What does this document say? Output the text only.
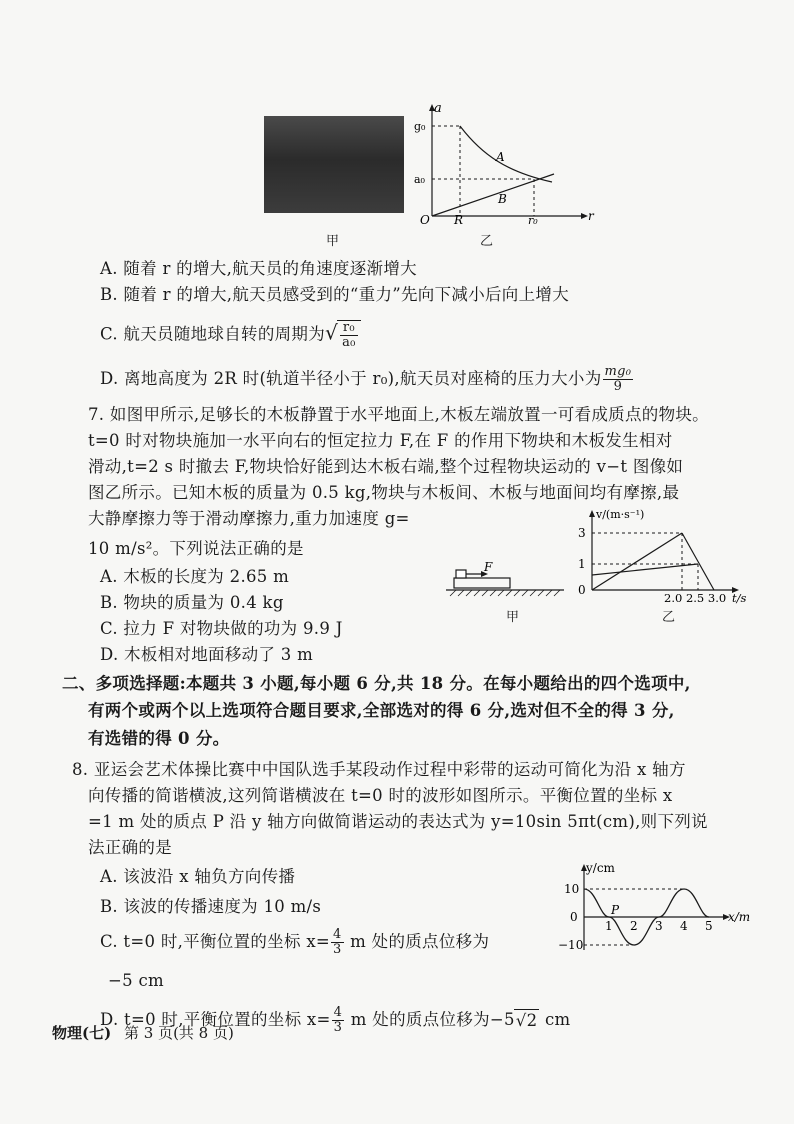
甲
a
g₀
a₀
O R	r₀	r
A
B
乙
A. 随着 r 的增大,航天员的角速度逐渐增大
B. 随着 r 的增大,航天员感受到的“重力”先向下减小后向上增大
C. 航天员随地球自转的周期为√ $\frac{\text{r₀}}{\text{a₀}}$
D. 离地高度为 2R 时(轨道半径小于 r₀),航天员对座椅的压力大小为 $\frac{\text{mg₀}}{9}$
7. 如图甲所示,足够长的木板静置于水平地面上,木板左端放置一可看成质点的物块。
t=0 时对物块施加一水平向右的恒定拉力 F,在 F 的作用下物块和木板发生相对
滑动,t=2 s 时撤去 F,物块恰好能到达木板右端,整个过程物块运动的 v−t 图像如
图乙所示。已知木板的质量为 0.5 kg,物块与木板间、木板与地面间均有摩擦,最
大静摩擦力等于滑动摩擦力,重力加速度 g=
10 m/s²。下列说法正确的是
A. 木板的长度为 2.65 m
B. 物块的质量为 0.4 kg
C. 拉力 F 对物块做的功为 9.9 J
D. 木板相对地面移动了 3 m
F
甲
v/(m·s⁻¹)
3
1
0
2.0 2.5 3.0 t/s
乙
二、多项选择题:本题共 3 小题,每小题 6 分,共 18 分。在每小题给出的四个选项中,
有两个或两个以上选项符合题目要求,全部选对的得 6 分,选对但不全的得 3 分,
有选错的得 0 分。
8. 亚运会艺术体操比赛中中国队选手某段动作过程中彩带的运动可简化为沿 x 轴方
向传播的简谐横波,这列简谐横波在 t=0 时的波形如图所示。平衡位置的坐标 x
=1 m 处的质点 P 沿 y 轴方向做简谐运动的表达式为 y=10sin 5πt(cm),则下列说
法正确的是
A. 该波沿 x 轴负方向传播
B. 该波的传播速度为 10 m/s
C. t=0 时,平衡位置的坐标 $x= \frac{4}{3}$ m 处的质点位移为
−5 cm
D. t=0 时,平衡位置的坐标 $x= \frac{4}{3}$ m 处的质点位移为−5√2 cm
y/cm
10
0
−10
P
1 2 3 4 5
x/m
物理(七) 第 3 页(共 8 页)
